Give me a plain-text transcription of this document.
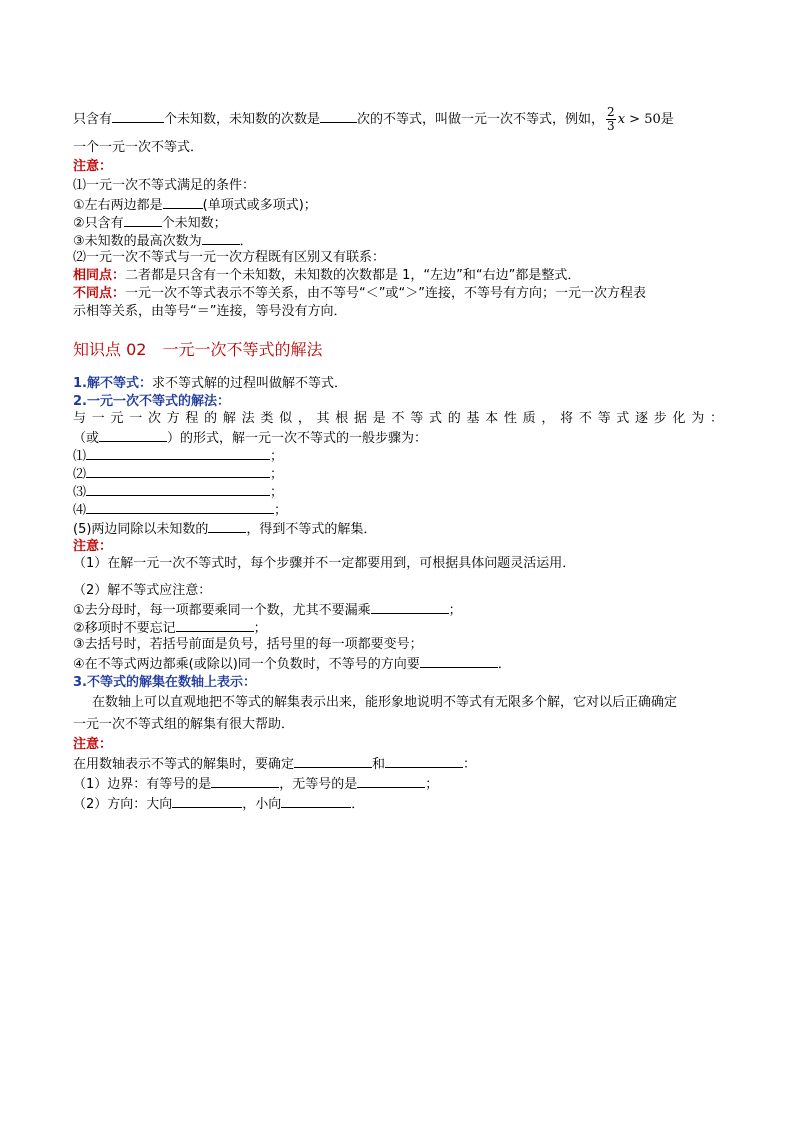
只含有	个未知数，未知数的次数是	次的不等式，叫做一元一次不等式，例如， $\frac{2}{3}$ x > 50是
一个一元一次不等式．
注意：
⑴一元一次不等式满足的条件：
①左右两边都是	(单项式或多项式)；
②只含有	个未知数；
③未知数的最高次数为	．
⑵一元一次不等式与一元一次方程既有区别又有联系：
相同点：二者都是只含有一个未知数，未知数的次数都是 1，“左边”和“右边”都是整式．
不同点：一元一次不等式表示不等关系，由不等号“＜”或“＞”连接，不等号有方向；一元一次方程表
示相等关系，由等号“＝”连接，等号没有方向．
知识点 02　一元一次不等式的解法
1.解不等式：求不等式解的过程叫做解不等式．
2.一元一次不等式的解法：
与一元一次方程的解法类似，其根据是不等式的基本性质，将不等式逐步化为：
（或	）的形式，解一元一次不等式的一般步骤为：
⑴	；
⑵	；
⑶	；
⑷	；
(5)两边同除以未知数的	，得到不等式的解集．
注意：
（1）在解一元一次不等式时，每个步骤并不一定都要用到，可根据具体问题灵活运用．
（2）解不等式应注意：
①去分母时，每一项都要乘同一个数，尤其不要漏乘	；
②移项时不要忘记	；
③去括号时，若括号前面是负号，括号里的每一项都要变号；
④在不等式两边都乘(或除以)同一个负数时，不等号的方向要	．
3.不等式的解集在数轴上表示：
在数轴上可以直观地把不等式的解集表示出来，能形象地说明不等式有无限多个解，它对以后正确确定
一元一次不等式组的解集有很大帮助．
注意：
在用数轴表示不等式的解集时，要确定	和	：
（1）边界：有等号的是	，无等号的是	；
（2）方向：大向	，小向	．
